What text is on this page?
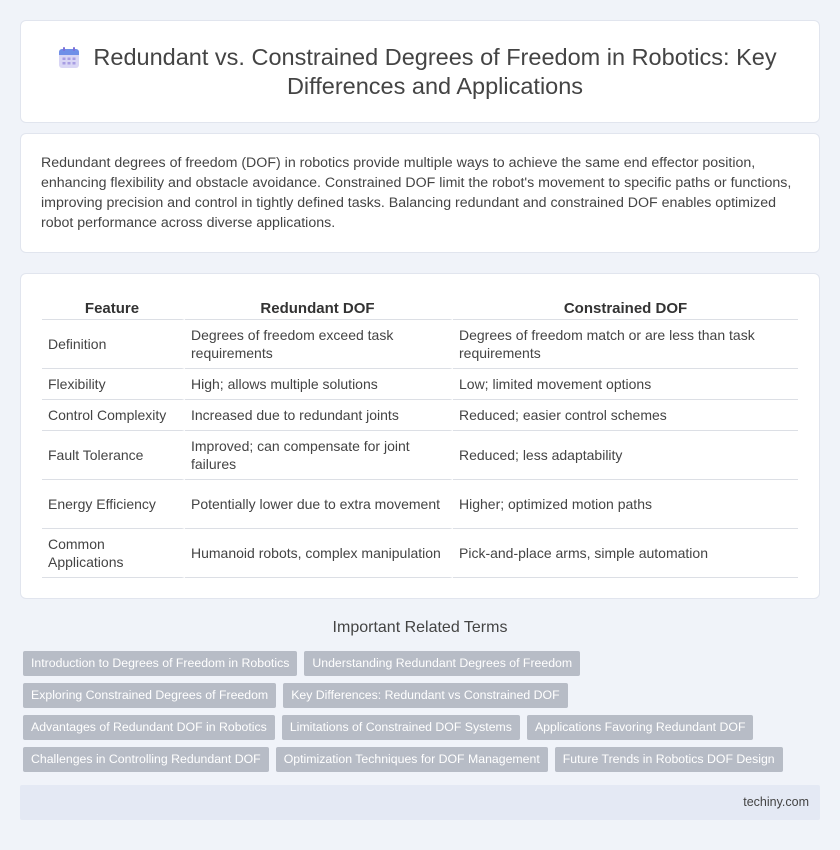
Redundant vs. Constrained Degrees of Freedom in Robotics: Key Differences and Applications

Redundant degrees of freedom (DOF) in robotics provide multiple ways to achieve the same end effector position, enhancing flexibility and obstacle avoidance. Constrained DOF limit the robot's movement to specific paths or functions, improving precision and control in tightly defined tasks. Balancing redundant and constrained DOF enables optimized robot performance across diverse applications.

Feature	Redundant DOF	Constrained DOF
Definition	Degrees of freedom exceed task requirements	Degrees of freedom match or are less than task requirements
Flexibility	High; allows multiple solutions	Low; limited movement options
Control Complexity	Increased due to redundant joints	Reduced; easier control schemes
Fault Tolerance	Improved; can compensate for joint failures	Reduced; less adaptability
Energy Efficiency	Potentially lower due to extra movement	Higher; optimized motion paths
Common Applications	Humanoid robots, complex manipulation	Pick-and-place arms, simple automation
Important Related Terms
Introduction to Degrees of Freedom in Robotics	Understanding Redundant Degrees of Freedom
Exploring Constrained Degrees of Freedom	Key Differences: Redundant vs Constrained DOF
Advantages of Redundant DOF in Robotics	Limitations of Constrained DOF Systems	Applications Favoring Redundant DOF
Challenges in Controlling Redundant DOF	Optimization Techniques for DOF Management	Future Trends in Robotics DOF Design
techiny.com
